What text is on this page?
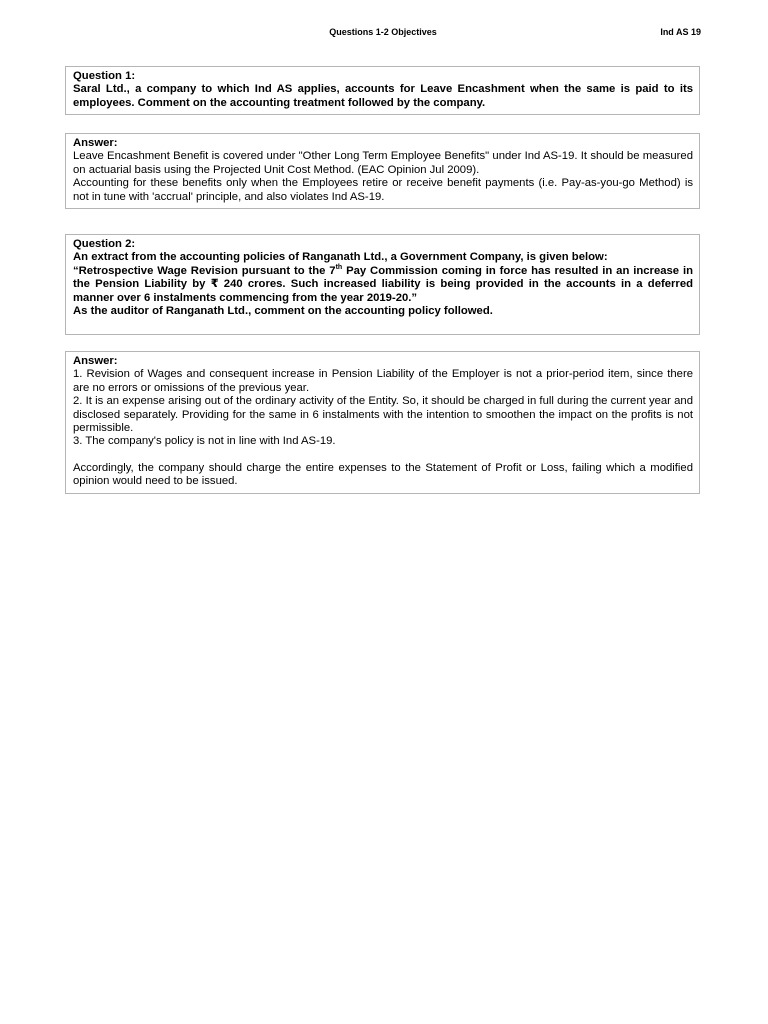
Questions 1-2 Objectives	Ind AS 19

Question 1:

Saral Ltd., a company to which Ind AS applies, accounts for Leave Encashment when the same is paid to its employees. Comment on the accounting treatment followed by the company.

Answer:

Leave Encashment Benefit is covered under "Other Long Term Employee Benefits" under Ind AS-19. It should be measured on actuarial basis using the Projected Unit Cost Method. (EAC Opinion Jul 2009).

Accounting for these benefits only when the Employees retire or receive benefit payments (i.e. Pay-as-you-go Method) is not in tune with 'accrual' principle, and also violates Ind AS-19.

Question 2:

An extract from the accounting policies of Ranganath Ltd., a Government Company, is given below:

“Retrospective Wage Revision pursuant to the 7th Pay Commission coming in force has resulted in an increase in the Pension Liability by ₹ 240 crores. Such increased liability is being provided in the accounts in a deferred manner over 6 instalments commencing from the year 2019-20.”

As the auditor of Ranganath Ltd., comment on the accounting policy followed.

Answer:

1. Revision of Wages and consequent increase in Pension Liability of the Employer is not a prior-period item, since there are no errors or omissions of the previous year.

2. It is an expense arising out of the ordinary activity of the Entity. So, it should be charged in full during the current year and disclosed separately. Providing for the same in 6 instalments with the intention to smoothen the impact on the profits is not permissible.

3. The company's policy is not in line with Ind AS-19.

Accordingly, the company should charge the entire expenses to the Statement of Profit or Loss, failing which a modified opinion would need to be issued.
